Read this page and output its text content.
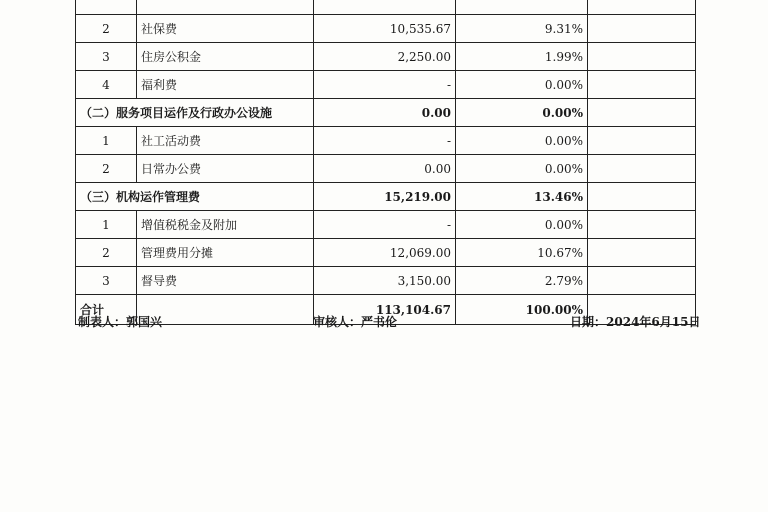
2	社保费	10,535.67	9.31%	
3	住房公积金	2,250.00	1.99%	
4	福利费	-	0.00%	
（二）服务项目运作及行政办公设施		0.00	0.00%	
1	社工活动费	-	0.00%	
2	日常办公费	0.00	0.00%	
（三）机构运作管理费		15,219.00	13.46%	
1	增值税税金及附加	-	0.00%	
2	管理费用分摊	12,069.00	10.67%	
3	督导费	3,150.00	2.79%	
合计		113,104.67	100.00%	
制表人：郭国兴	审核人：严书伦	日期：2024年6月15日
